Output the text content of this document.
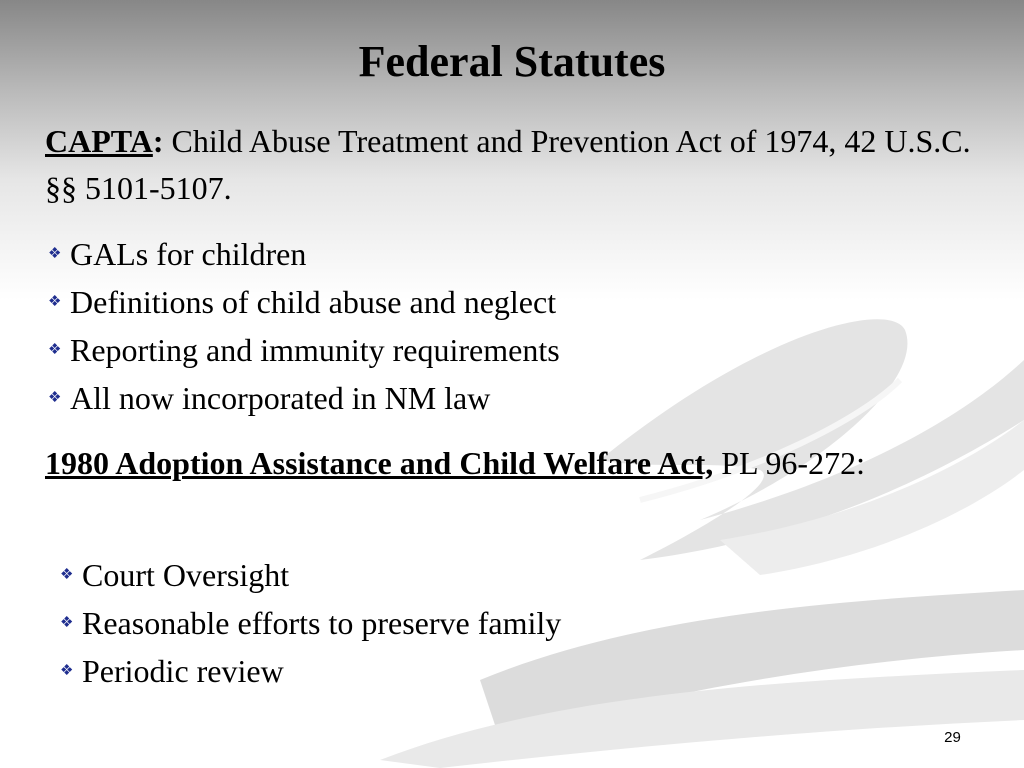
Federal Statutes
CAPTA: Child Abuse Treatment and Prevention Act of 1974, 42 U.S.C. §§ 5101-5107.
❖ GALs for children
❖ Definitions of child abuse and neglect
❖ Reporting and immunity requirements
❖ All now incorporated in NM law
1980 Adoption Assistance and Child Welfare Act, PL 96-272:
❖ Court Oversight
❖ Reasonable efforts to preserve family
❖ Periodic review
29
